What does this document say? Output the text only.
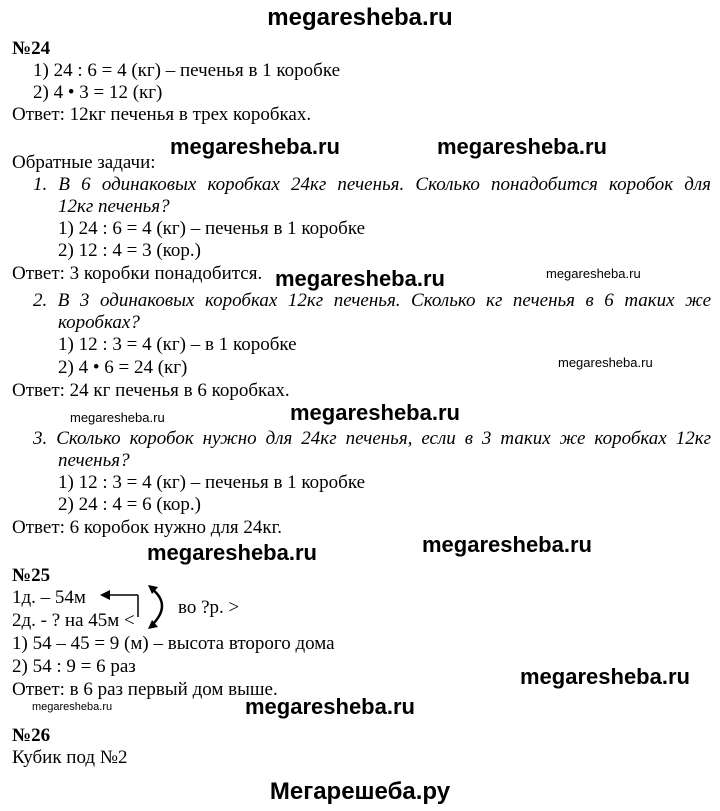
megaresheba.ru
№24
1) 24 : 6 = 4 (кг) – печенья в 1 коробке
2) 4 • 3 = 12 (кг)
Ответ: 12кг печенья в трех коробках.
megaresheba.ru	megaresheba.ru
Обратные задачи:
1. В 6 одинаковых коробках 24кг печенья. Сколько понадобится коробок для
12кг печенья?
1) 24 : 6 = 4 (кг) – печенья в 1 коробке
2) 12 : 4 = 3 (кор.)
Ответ: 3 коробки понадобится. megaresheba.ru	megaresheba.ru
2. В 3 одинаковых коробках 12кг печенья. Сколько кг печенья в 6 таких же
коробках?
1) 12 : 3 = 4 (кг) – в 1 коробке
megaresheba.ru
2) 4 • 6 = 24 (кг)
Ответ: 24 кг печенья в 6 коробках.
megaresheba.ru	megaresheba.ru
3. Сколько коробок нужно для 24кг печенья, если в 3 таких же коробках 12кг
печенья?
1) 12 : 3 = 4 (кг) – печенья в 1 коробке
2) 24 : 4 = 6 (кор.)
Ответ: 6 коробок нужно для 24кг.
megaresheba.ru	megaresheba.ru
№25
1д. – 54м
2д. - ? на 45м <
во ?р. >
1) 54 – 45 = 9 (м) – высота второго дома
2) 54 : 9 = 6 раз	megaresheba.ru
Ответ: в 6 раз первый дом выше.
megaresheba.ru	megaresheba.ru
№26
Кубик под №2
Мегарешеба.ру
